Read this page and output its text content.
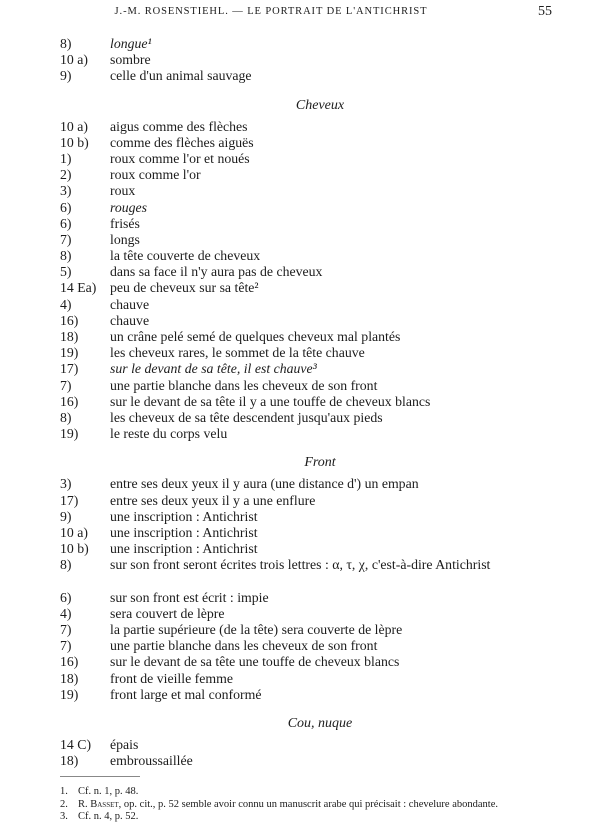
J.-M. ROSENSTIEHL. — LE PORTRAIT DE L'ANTICHRIST	55
8)	longue¹
10 a) sombre
9)	celle d'un animal sauvage
Cheveux
10 a) aigus comme des flèches
10 b) comme des flèches aiguës
1)	roux comme l'or et noués
2)	roux comme l'or
3)	roux
6)	rouges
6)	frisés
7)	longs
8)	la tête couverte de cheveux
5)	dans sa face il n'y aura pas de cheveux
14 Ea) peu de cheveux sur sa tête²
4)	chauve
16) chauve
18) un crâne pelé semé de quelques cheveux mal plantés
19) les cheveux rares, le sommet de la tête chauve
17) sur le devant de sa tête, il est chauve³
7)	une partie blanche dans les cheveux de son front
16) sur le devant de sa tête il y a une touffe de cheveux blancs
8)	les cheveux de sa tête descendent jusqu'aux pieds
19) le reste du corps velu
Front
3)	entre ses deux yeux il y aura (une distance d') un empan
17) entre ses deux yeux il y a une enflure
9)	une inscription : Antichrist
10 a) une inscription : Antichrist
10 b) une inscription : Antichrist
8)	sur son front seront écrites trois lettres : α, τ, χ, c'est-à-dire Antichrist
6)	sur son front est écrit : impie
4)	sera couvert de lèpre
7)	la partie supérieure (de la tête) sera couverte de lèpre
7)	une partie blanche dans les cheveux de son front
16) sur le devant de sa tête une touffe de cheveux blancs
18) front de vieille femme
19) front large et mal conformé
Cou, nuque
14 C) épais
18) embroussaillée
1. Cf. n. 1, p. 48.
2. R. Basset, op. cit., p. 52 semble avoir connu un manuscrit arabe qui précisait : chevelure abondante.
3. Cf. n. 4, p. 52.
